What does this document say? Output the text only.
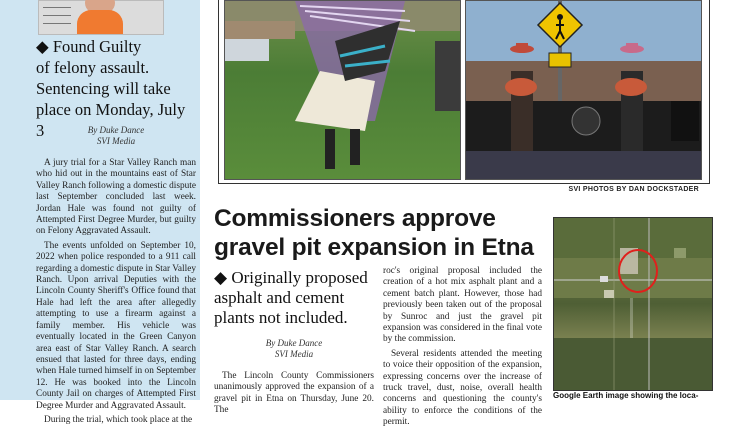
◆ Found Guilty
of felony assault.
Sentencing will take
place on Monday, July 3	By Duke Dance
SVI Media

A jury trial for a Star Valley Ranch man who hid out in the mountains east of Star Valley Ranch following a domestic dispute last September concluded last week. Jordan Hale was found not guilty of Attempted First Degree Murder, but guilty on Felony Aggravated Assault.

The events unfolded on September 10, 2022 when police responded to a 911 call regarding a domestic dispute in Star Valley Ranch. Upon arrival Deputies with the Lincoln County Sheriff's Office found that Hale had left the area after allegedly attempting to use a firearm against a family member. His vehicle was eventually located in the Green Canyon area east of Star Valley Ranch. A search ensued that lasted for three days, ending when Hale turned himself in on September 12. He was booked into the Lincoln County Jail on charges of Attempted First Degree Murder and Aggravated Assault.

During the trial, which took place at the

SVI PHOTOS BY DAN DOCKSTADER
Commissioners approve gravel pit expansion in Etna
◆ Originally proposed asphalt and cement plants not included.
By Duke Dance
SVI Media

The Lincoln County Commissioners unanimously approved the expansion of a gravel pit in Etna on Thursday, June 20. The

roc's original proposal included the creation of a hot mix asphalt plant and a cement batch plant. However, those had previously been taken out of the proposal by Sunroc and just the gravel pit expansion was considered in the final vote by the commission.

Several residents attended the meeting to voice their opposition of the expansion, expressing concerns over the increase of truck travel, dust, noise, overall health concerns and questioning the county's ability to enforce the conditions of the permit.

Google Earth image showing the loca-
